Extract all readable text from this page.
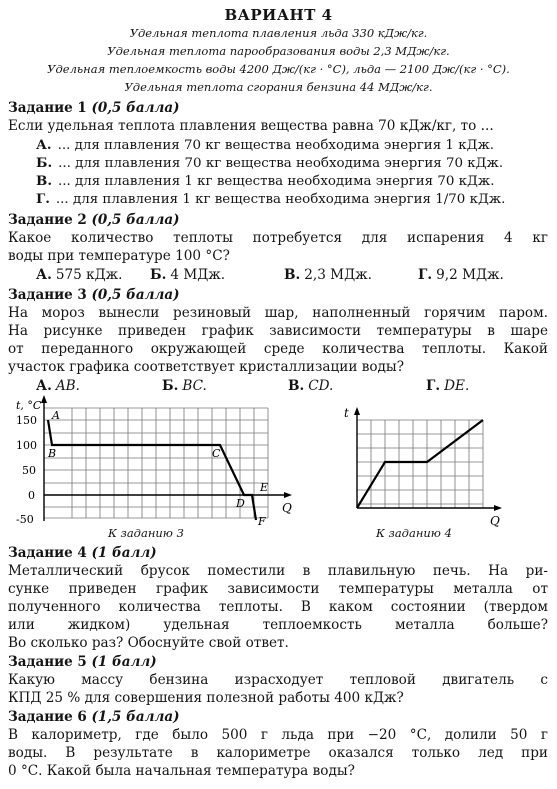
ВАРИАНТ 4
Удельная теплота плавления льда 330 кДж/кг.
Удельная теплота парообразования воды 2,3 МДж/кг.
Удельная теплоемкость воды 4200 Дж/(кг · °С), льда — 2100 Дж/(кг · °С).
Удельная теплота сгорания бензина 44 МДж/кг.
Задание 1 (0,5 балла)
Если удельная теплота плавления вещества равна 70 кДж/кг, то ...
А. ... для плавления 70 кг вещества необходима энергия 1 кДж.
Б. ... для плавления 70 кг вещества необходима энергия 70 кДж.
В. ... для плавления 1 кг вещества необходима энергия 70 кДж.
Г. ... для плавления 1 кг вещества необходима энергия 1/70 кДж.
Задание 2 (0,5 балла)
Какое количество теплоты потребуется для испарения 4 кг
воды при температуре 100 °С?
А. 575 кДж. Б. 4 МДж.	В. 2,3 МДж.	Г. 9,2 МДж.
Задание 3 (0,5 балла)
На мороз вынесли резиновый шар, наполненный горячим паром.
На рисунке приведен график зависимости температуры в шаре
от переданного окружающей среде количества теплоты. Какой
участок графика соответствует кристаллизации воды?
А. AB.	Б. BC.	В. CD.	Г. DE.
t, °С
150
100
50
0
-50
A
B	C
D
E
F
Q
К заданию 3
t
Q
К заданию 4
Задание 4 (1 балл)
Металлический брусок поместили в плавильную печь. На ри-
сунке приведен график зависимости температуры металла от
полученного количества теплоты. В каком состоянии (твердом
или жидком) удельная теплоемкость металла больше?
Во сколько раз? Обоснуйте свой ответ.
Задание 5 (1 балл)
Какую массу бензина израсходует тепловой двигатель с
КПД 25 % для совершения полезной работы 400 кДж?
Задание 6 (1,5 балла)
В калориметр, где было 500 г льда при −20 °С, долили 50 г
воды. В результате в калориметре оказался только лед при
0 °С. Какой была начальная температура воды?
